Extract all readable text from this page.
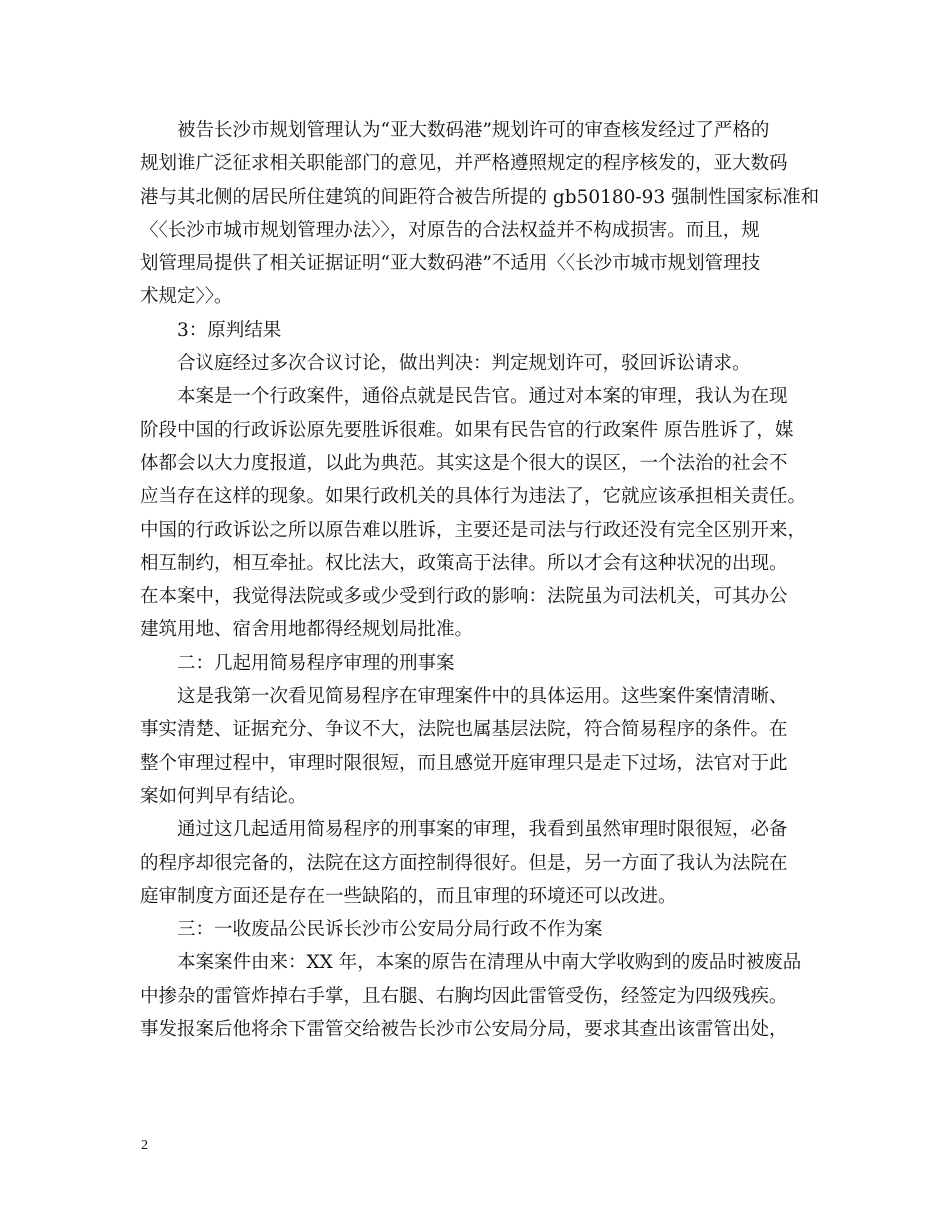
被告长沙市规划管理认为“亚大数码港”规划许可的审查核发经过了严格的
规划谁广泛征求相关职能部门的意见，并严格遵照规定的程序核发的，亚大数码
港与其北侧的居民所住建筑的间距符合被告所提的 gb50180-93 强制性国家标准和
〈〈长沙市城市规划管理办法〉〉，对原告的合法权益并不构成损害。而且，规
划管理局提供了相关证据证明“亚大数码港”不适用〈〈长沙市城市规划管理技
术规定〉〉。
3：原判结果
合议庭经过多次合议讨论，做出判决：判定规划许可，驳回诉讼请求。
本案是一个行政案件，通俗点就是民告官。通过对本案的审理，我认为在现
阶段中国的行政诉讼原先要胜诉很难。如果有民告官的行政案件 原告胜诉了，媒
体都会以大力度报道，以此为典范。其实这是个很大的误区，一个法治的社会不
应当存在这样的现象。如果行政机关的具体行为违法了，它就应该承担相关责任。
中国的行政诉讼之所以原告难以胜诉，主要还是司法与行政还没有完全区别开来，
相互制约，相互牵扯。权比法大，政策高于法律。所以才会有这种状况的出现。
在本案中，我觉得法院或多或少受到行政的影响：法院虽为司法机关，可其办公
建筑用地、宿舍用地都得经规划局批准。
二：几起用简易程序审理的刑事案
这是我第一次看见简易程序在审理案件中的具体运用。这些案件案情清晰、
事实清楚、证据充分、争议不大，法院也属基层法院，符合简易程序的条件。在
整个审理过程中，审理时限很短，而且感觉开庭审理只是走下过场，法官对于此
案如何判早有结论。
通过这几起适用简易程序的刑事案的审理，我看到虽然审理时限很短，必备
的程序却很完备的，法院在这方面控制得很好。但是，另一方面了我认为法院在
庭审制度方面还是存在一些缺陷的，而且审理的环境还可以改进。
三：一收废品公民诉长沙市公安局分局行政不作为案
本案案件由来：XX 年，本案的原告在清理从中南大学收购到的废品时被废品
中掺杂的雷管炸掉右手掌，且右腿、右胸均因此雷管受伤，经签定为四级残疾。
事发报案后他将余下雷管交给被告长沙市公安局分局，要求其查出该雷管出处，
2
